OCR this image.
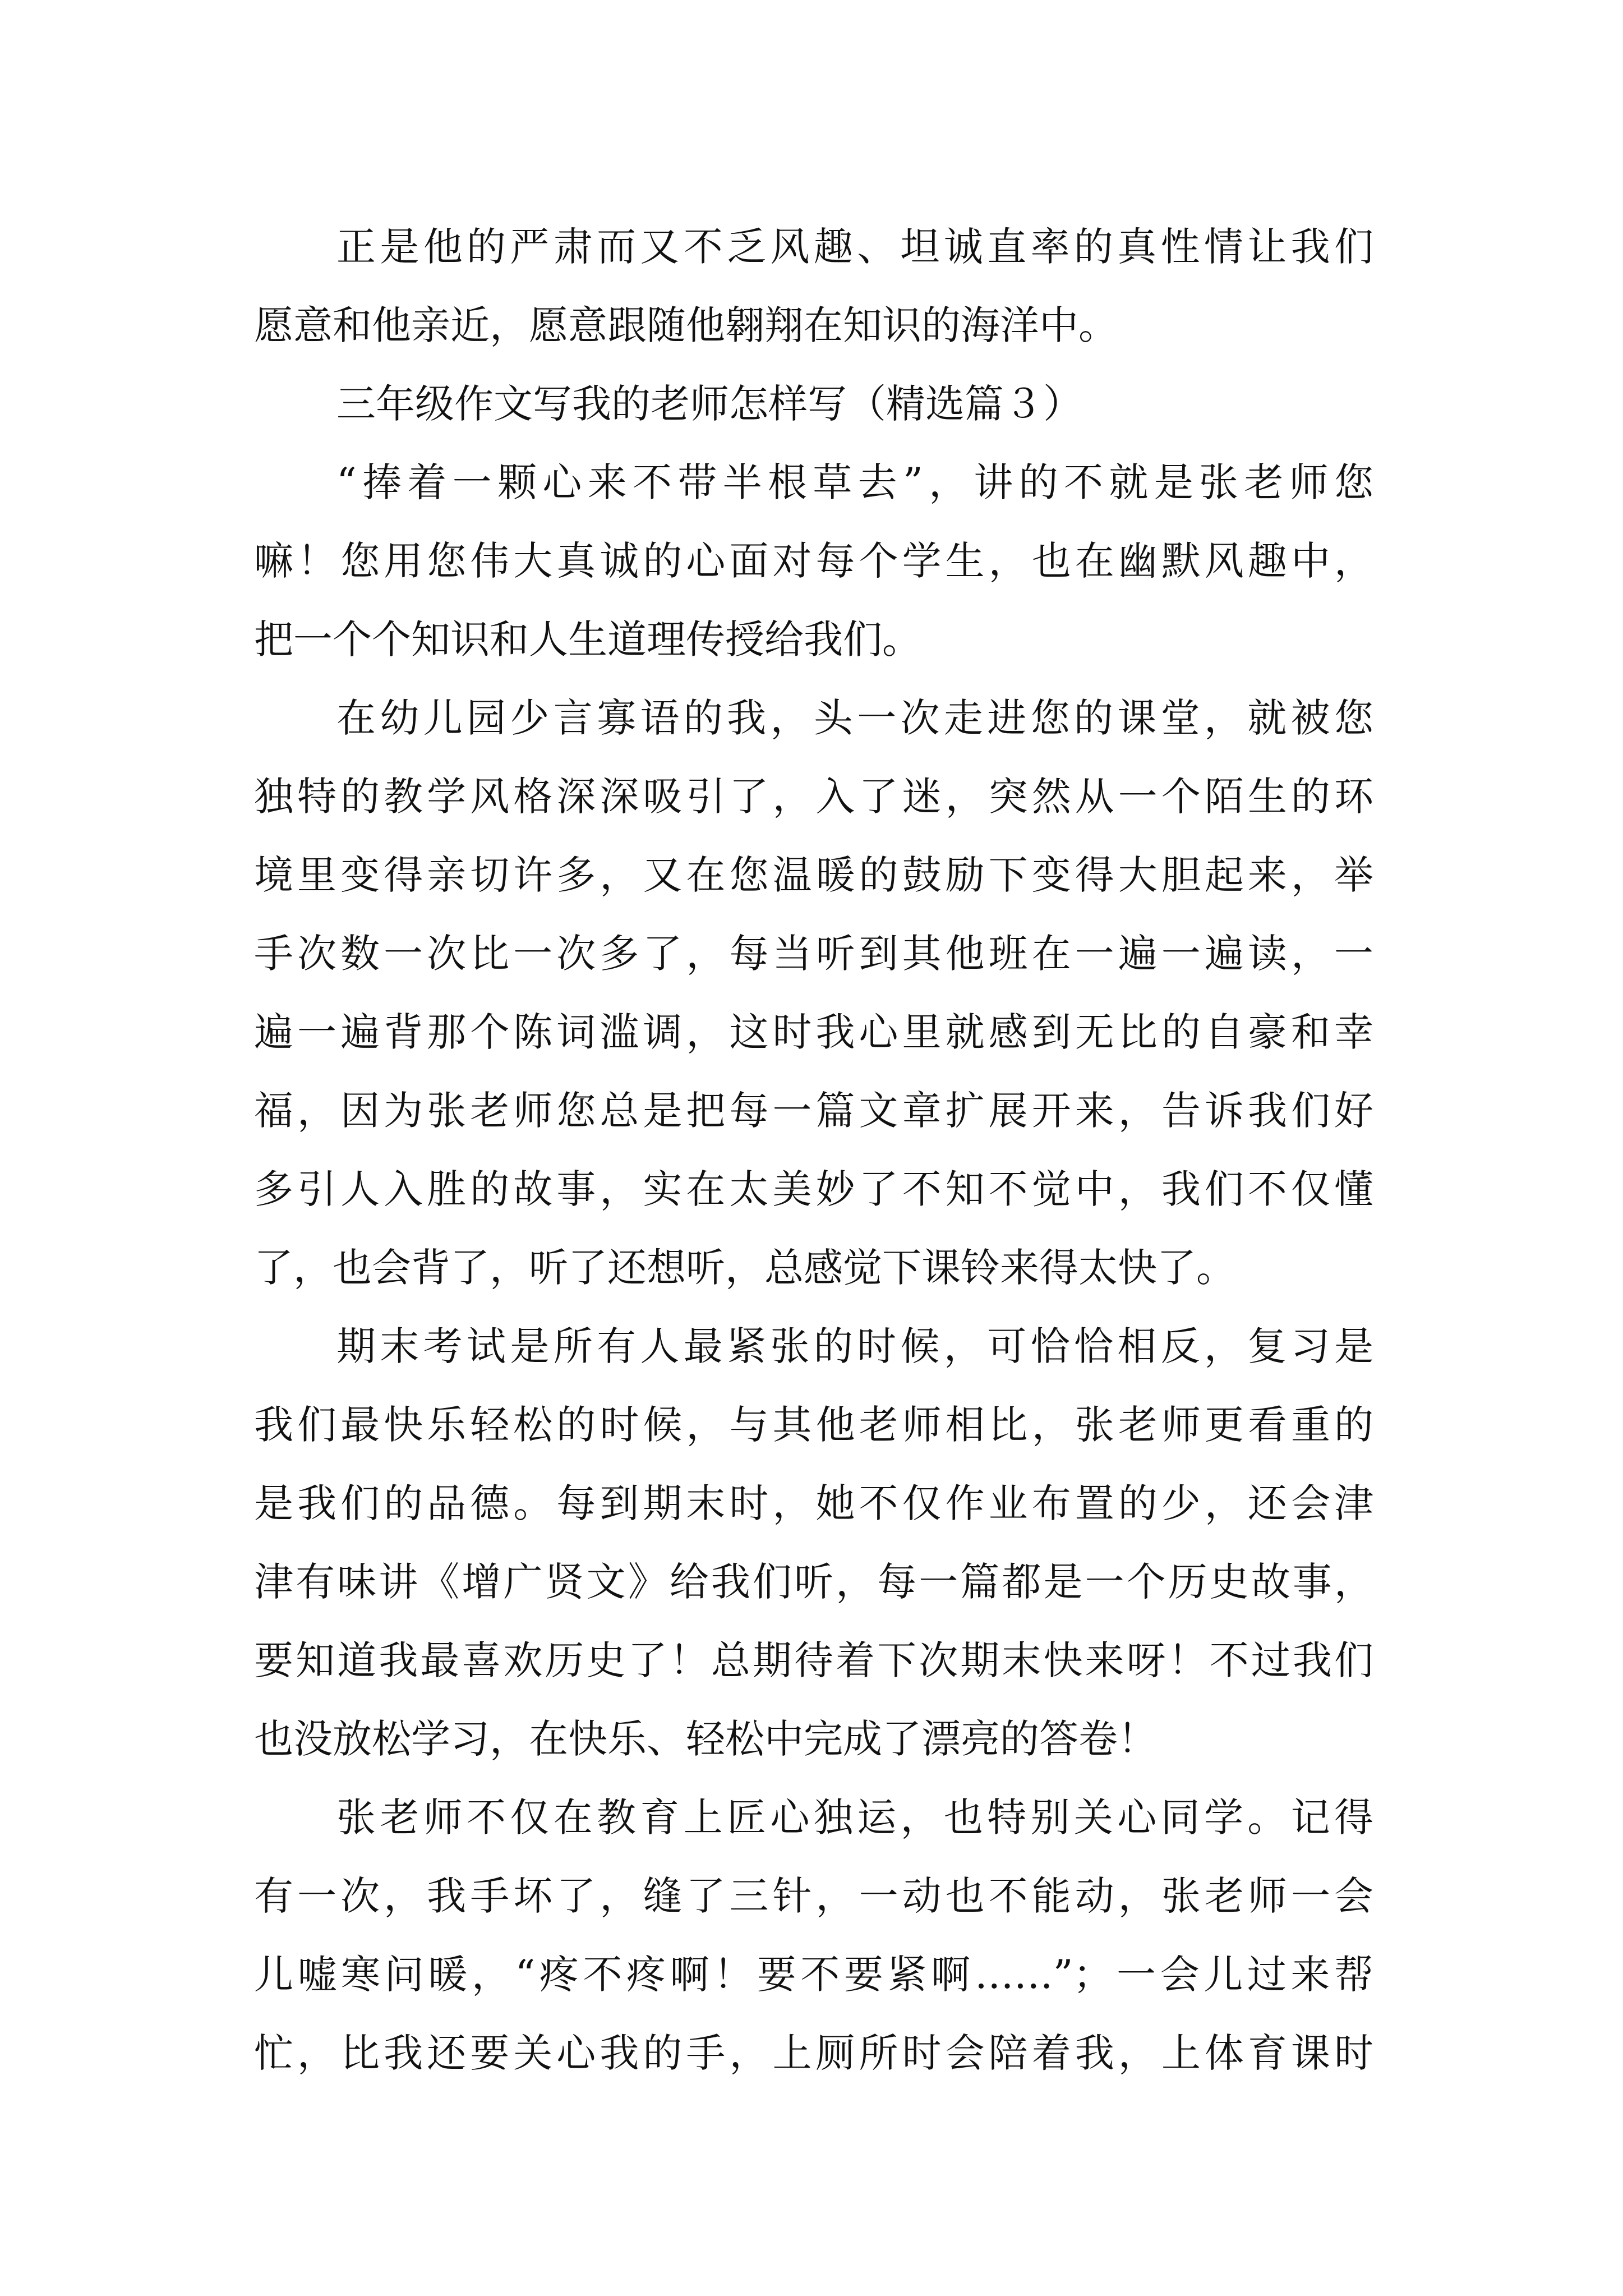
正是他的严肃而又不乏风趣、坦诚直率的真性情让我们
愿意和他亲近，愿意跟随他翱翔在知识的海洋中。
三年级作文写我的老师怎样写（精选篇３）
“捧着一颗心来不带半根草去”，讲的不就是张老师您
嘛！您用您伟大真诚的心面对每个学生，也在幽默风趣中，
把一个个知识和人生道理传授给我们。
在幼儿园少言寡语的我，头一次走进您的课堂，就被您
独特的教学风格深深吸引了，入了迷，突然从一个陌生的环
境里变得亲切许多，又在您温暖的鼓励下变得大胆起来，举
手次数一次比一次多了，每当听到其他班在一遍一遍读，一
遍一遍背那个陈词滥调，这时我心里就感到无比的自豪和幸
福，因为张老师您总是把每一篇文章扩展开来，告诉我们好
多引人入胜的故事，实在太美妙了不知不觉中，我们不仅懂
了，也会背了，听了还想听，总感觉下课铃来得太快了。
期末考试是所有人最紧张的时候，可恰恰相反，复习是
我们最快乐轻松的时候，与其他老师相比，张老师更看重的
是我们的品德。每到期末时，她不仅作业布置的少，还会津
津有味讲《增广贤文》给我们听，每一篇都是一个历史故事，
要知道我最喜欢历史了！总期待着下次期末快来呀！不过我们
也没放松学习，在快乐、轻松中完成了漂亮的答卷！
张老师不仅在教育上匠心独运，也特别关心同学。记得
有一次，我手坏了，缝了三针，一动也不能动，张老师一会
儿嘘寒问暖，“疼不疼啊！要不要紧啊……”；一会儿过来帮
忙，比我还要关心我的手，上厕所时会陪着我，上体育课时
